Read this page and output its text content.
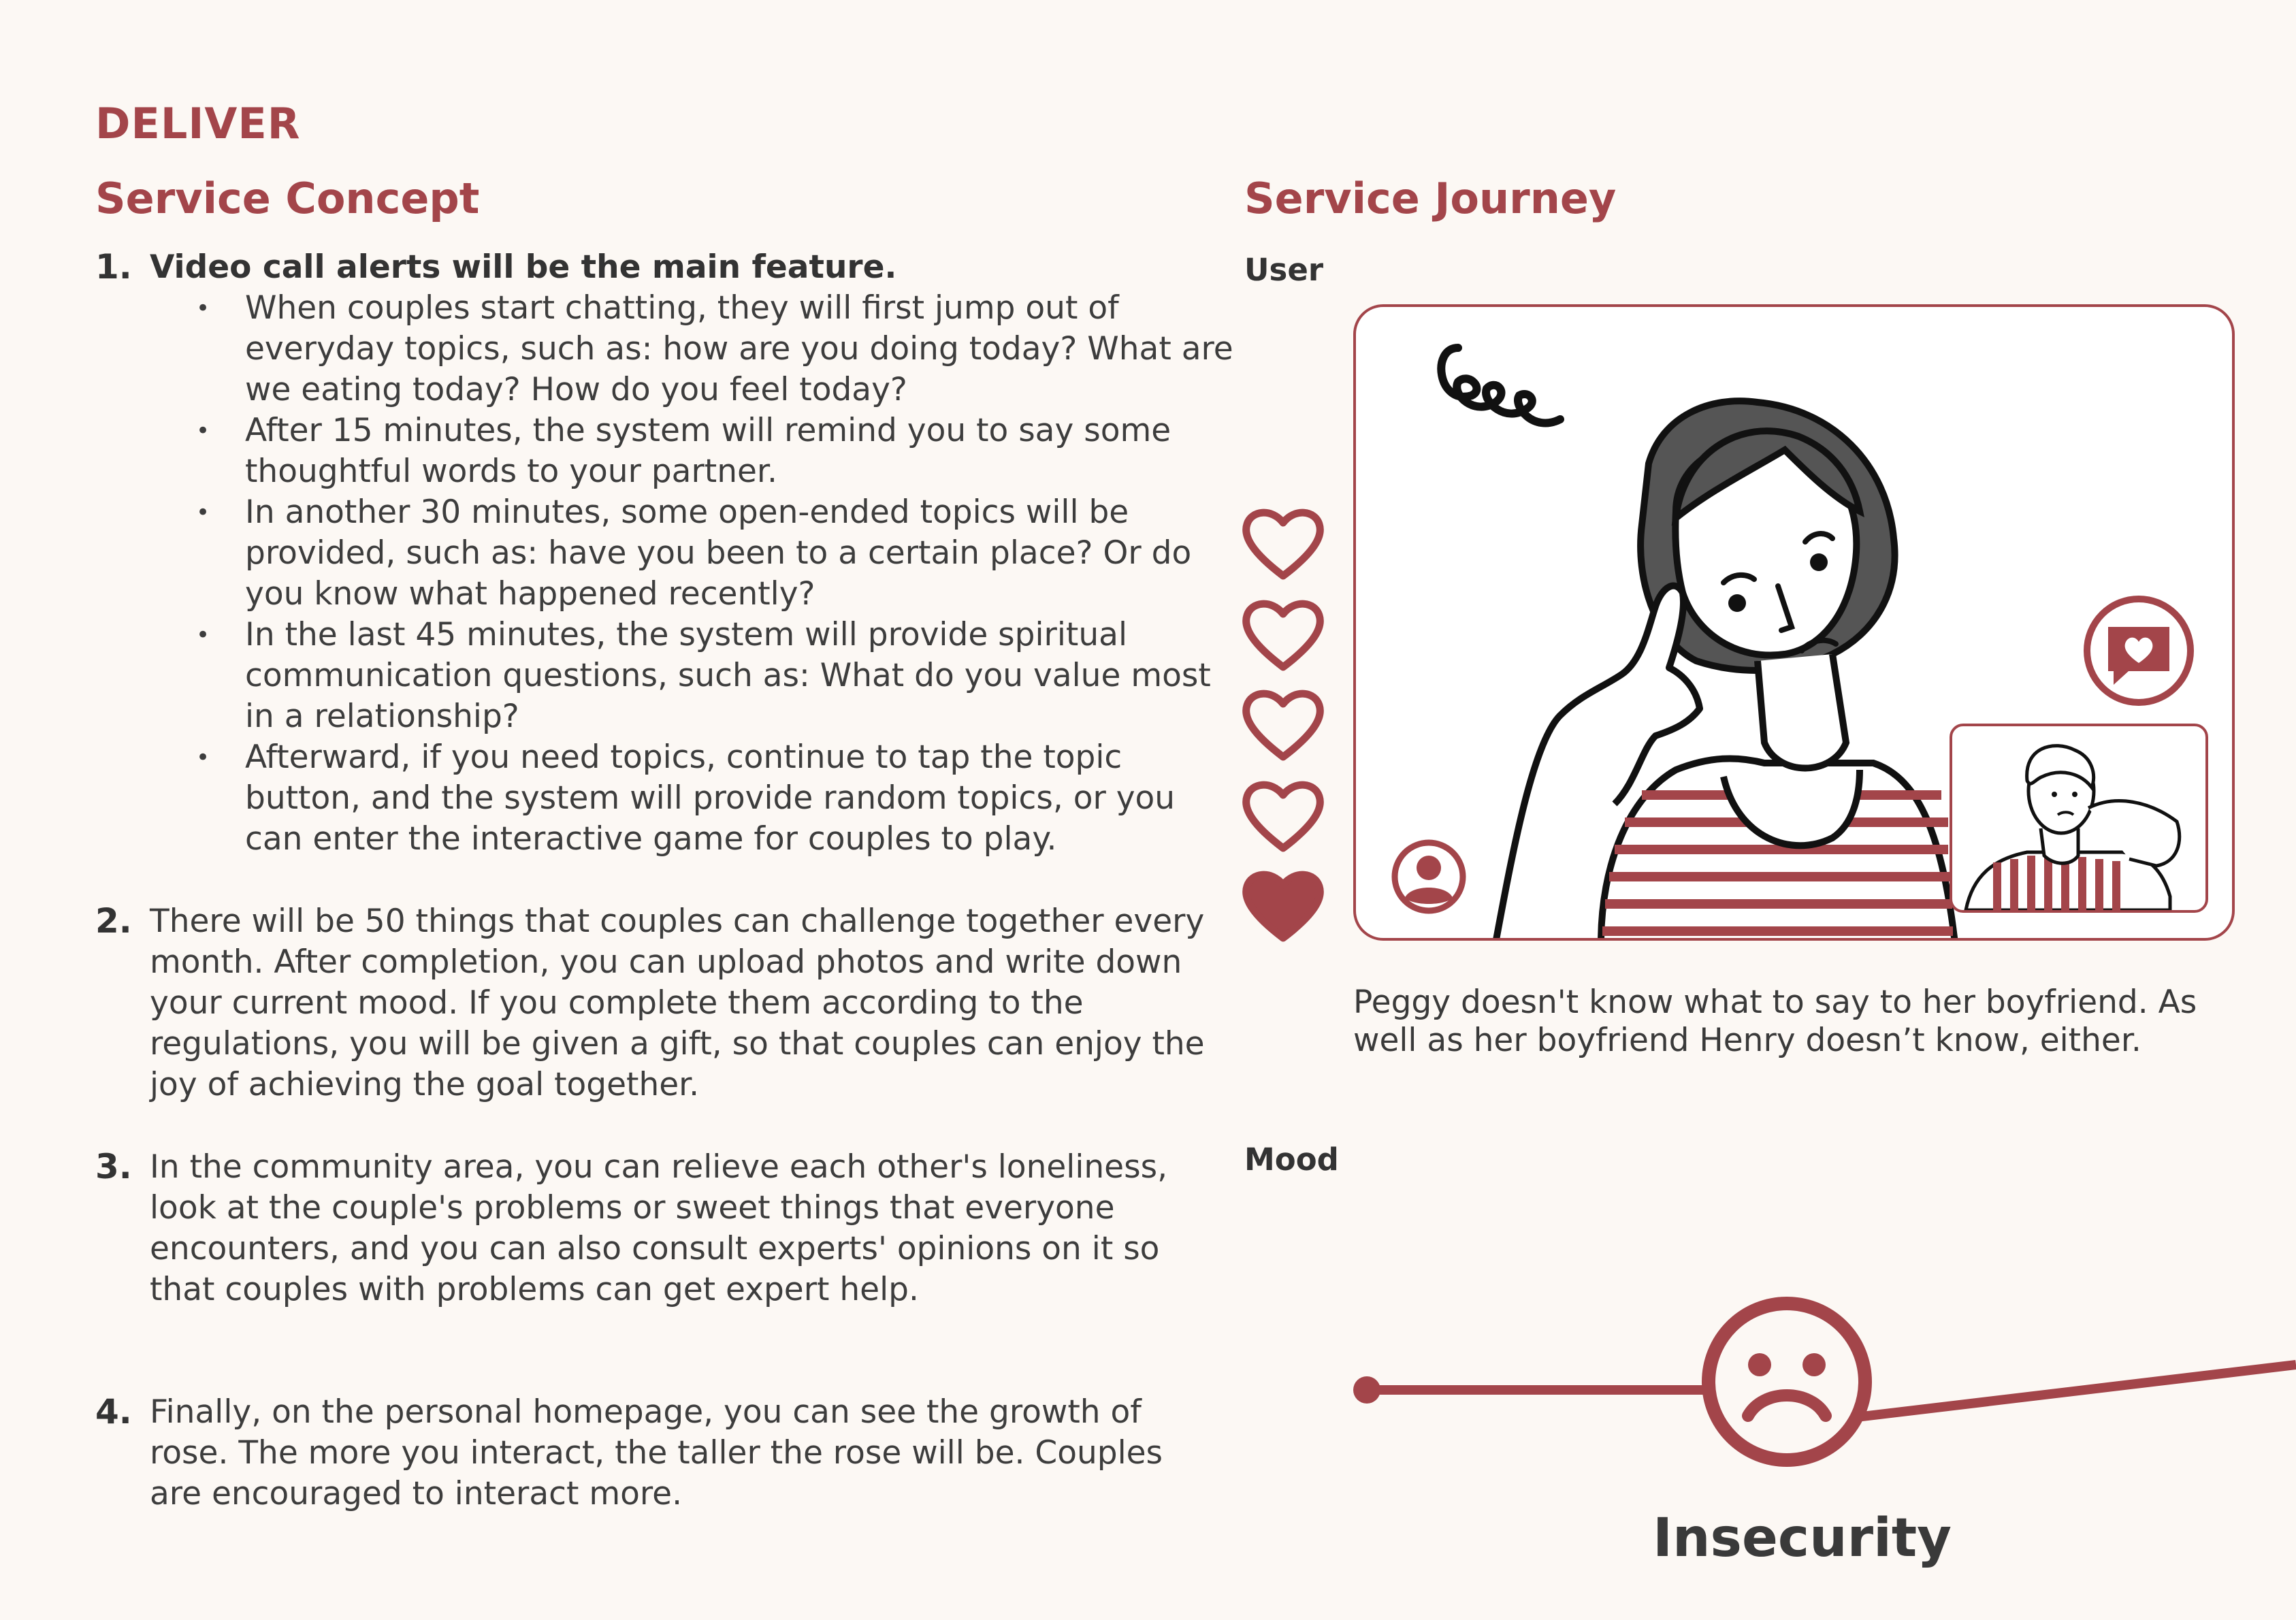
DELIVER
Service Concept	Service Journey
User
Mood
1. Video call alerts will be the main feature.
• When couples start chatting, they will first jump out of everyday topics, such as: how are you doing today? What are we eating today? How do you feel today?
• After 15 minutes, the system will remind you to say some thoughtful words to your partner.
• In another 30 minutes, some open-ended topics will be provided, such as: have you been to a certain place? Or do you know what happened recently?
• In the last 45 minutes, the system will provide spiritual communication questions, such as: What do you value most in a relationship?
• Afterward, if you need topics, continue to tap the topic button, and the system will provide random topics, or you can enter the interactive game for couples to play.
2. There will be 50 things that couples can challenge together every month. After completion, you can upload photos and write down your current mood. If you complete them according to the regulations, you will be given a gift, so that couples can enjoy the joy of achieving the goal together.
3. In the community area, you can relieve each other's loneliness, look at the couple's problems or sweet things that everyone encounters, and you can also consult experts' opinions on it so that couples with problems can get expert help.
4. Finally, on the personal homepage, you can see the growth of rose. The more you interact, the taller the rose will be. Couples are encouraged to interact more.
Peggy doesn't know what to say to her boyfriend. As well as her boyfriend Henry doesn’t know, either.
Insecurity
